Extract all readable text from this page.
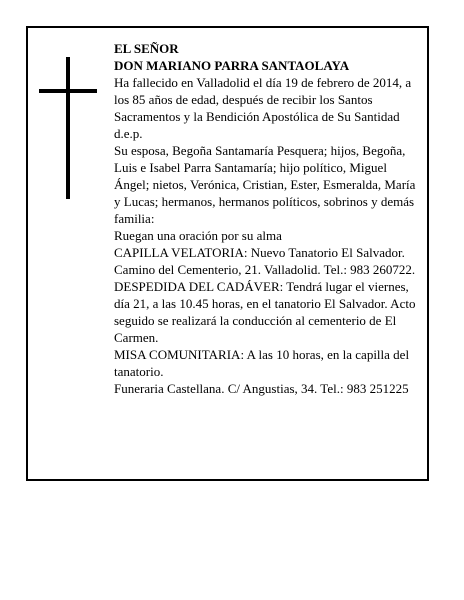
EL SEÑOR

DON MARIANO PARRA SANTAOLAYA

Ha fallecido en Valladolid el día 19 de febrero de 2014, a los 85 años de edad, después de recibir los Santos Sacramentos y la Bendición Apostólica de Su Santidad d.e.p.

Su esposa, Begoña Santamaría Pesquera; hijos, Begoña, Luis e Isabel Parra Santamaría; hijo político, Miguel Ángel; nietos, Verónica, Cristian, Ester, Esmeralda, María y Lucas; hermanos, hermanos políticos, sobrinos y demás familia:

Ruegan una oración por su alma

CAPILLA VELATORIA: Nuevo Tanatorio El Salvador. Camino del Cementerio, 21. Valladolid. Tel.: 983 260722.

DESPEDIDA DEL CADÁVER: Tendrá lugar el viernes, día 21, a las 10.45 horas, en el tanatorio El Salvador. Acto seguido se realizará la conducción al cementerio de El Carmen.

MISA COMUNITARIA: A las 10 horas, en la capilla del tanatorio.

Funeraria Castellana. C/ Angustias, 34. Tel.: 983 251225
